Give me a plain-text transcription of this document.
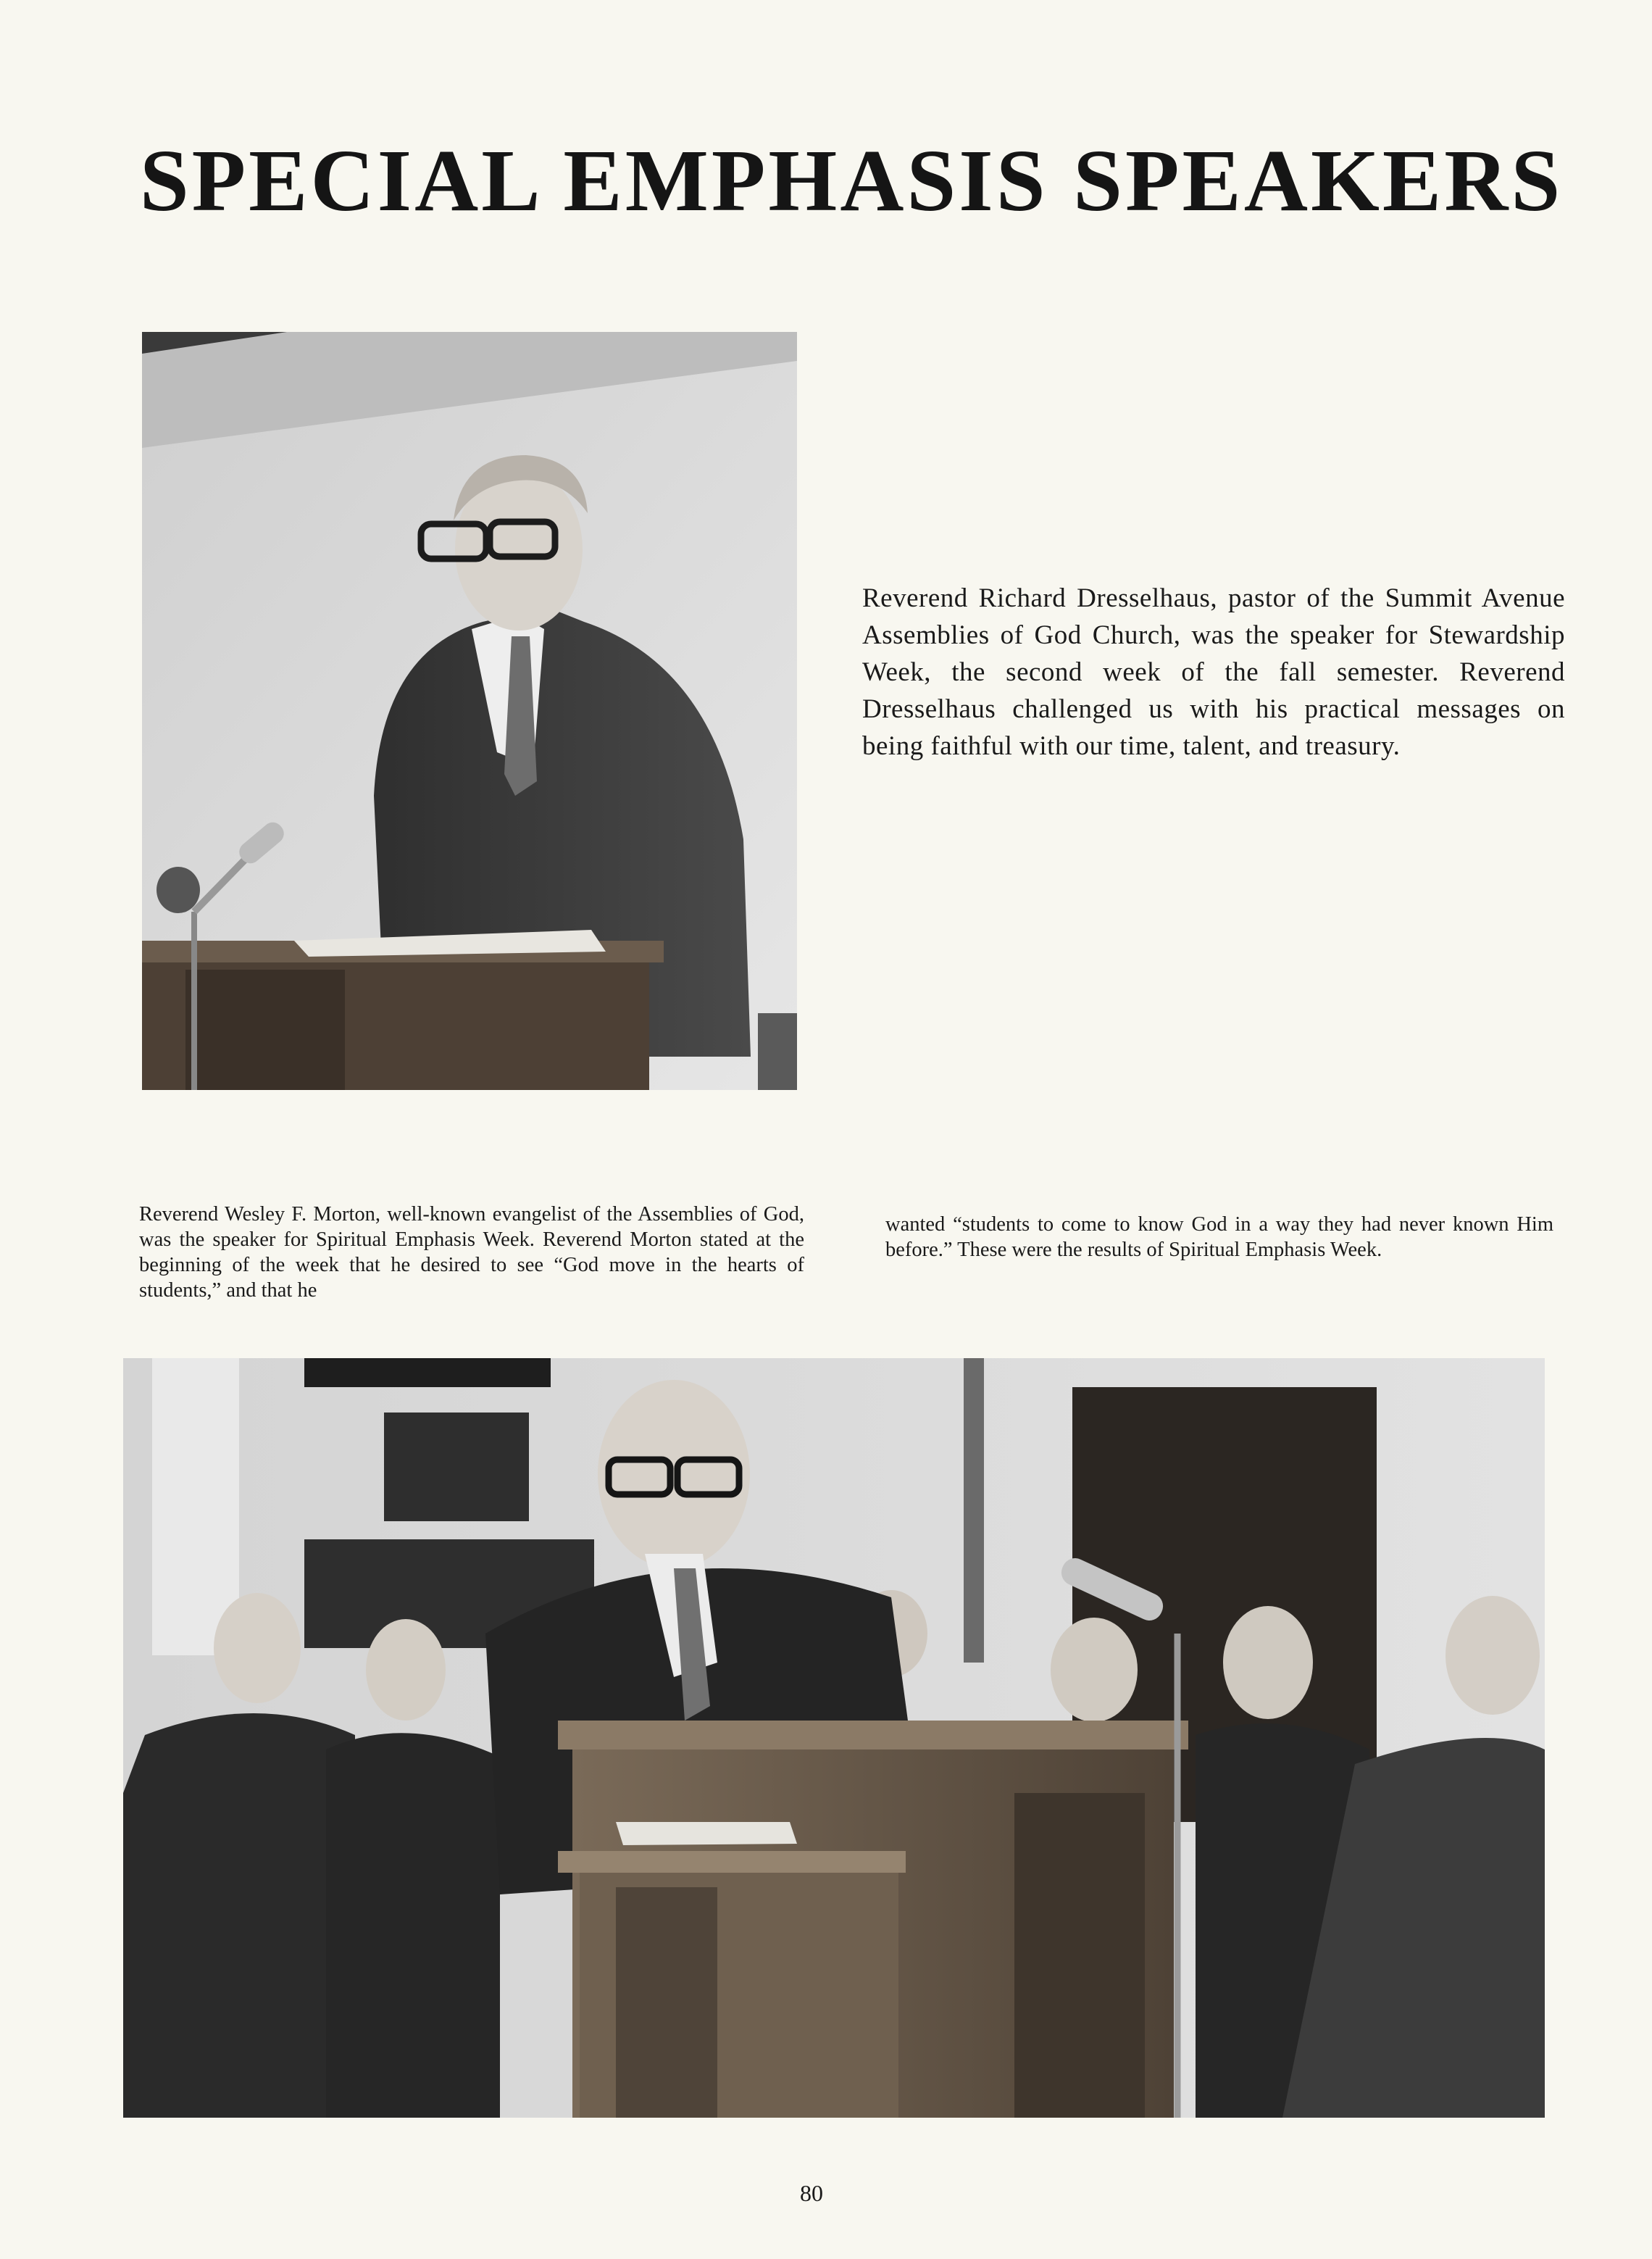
SPECIAL EMPHASIS SPEAKERS

Reverend Richard Dresselhaus, pastor of the Summit Avenue Assemblies of God Church, was the speaker for Stewardship Week, the second week of the fall semester. Reverend Dresselhaus challenged us with his practical messages on being faithful with our time, talent, and treasury.

Reverend Wesley F. Morton, well-known evangelist of the Assemblies of God, was the speaker for Spiritual Emphasis Week. Reverend Morton stated at the beginning of the week that he desired to see “God move in the hearts of students,” and that he

wanted “students to come to know God in a way they had never known Him before.” These were the results of Spiritual Emphasis Week.

80
